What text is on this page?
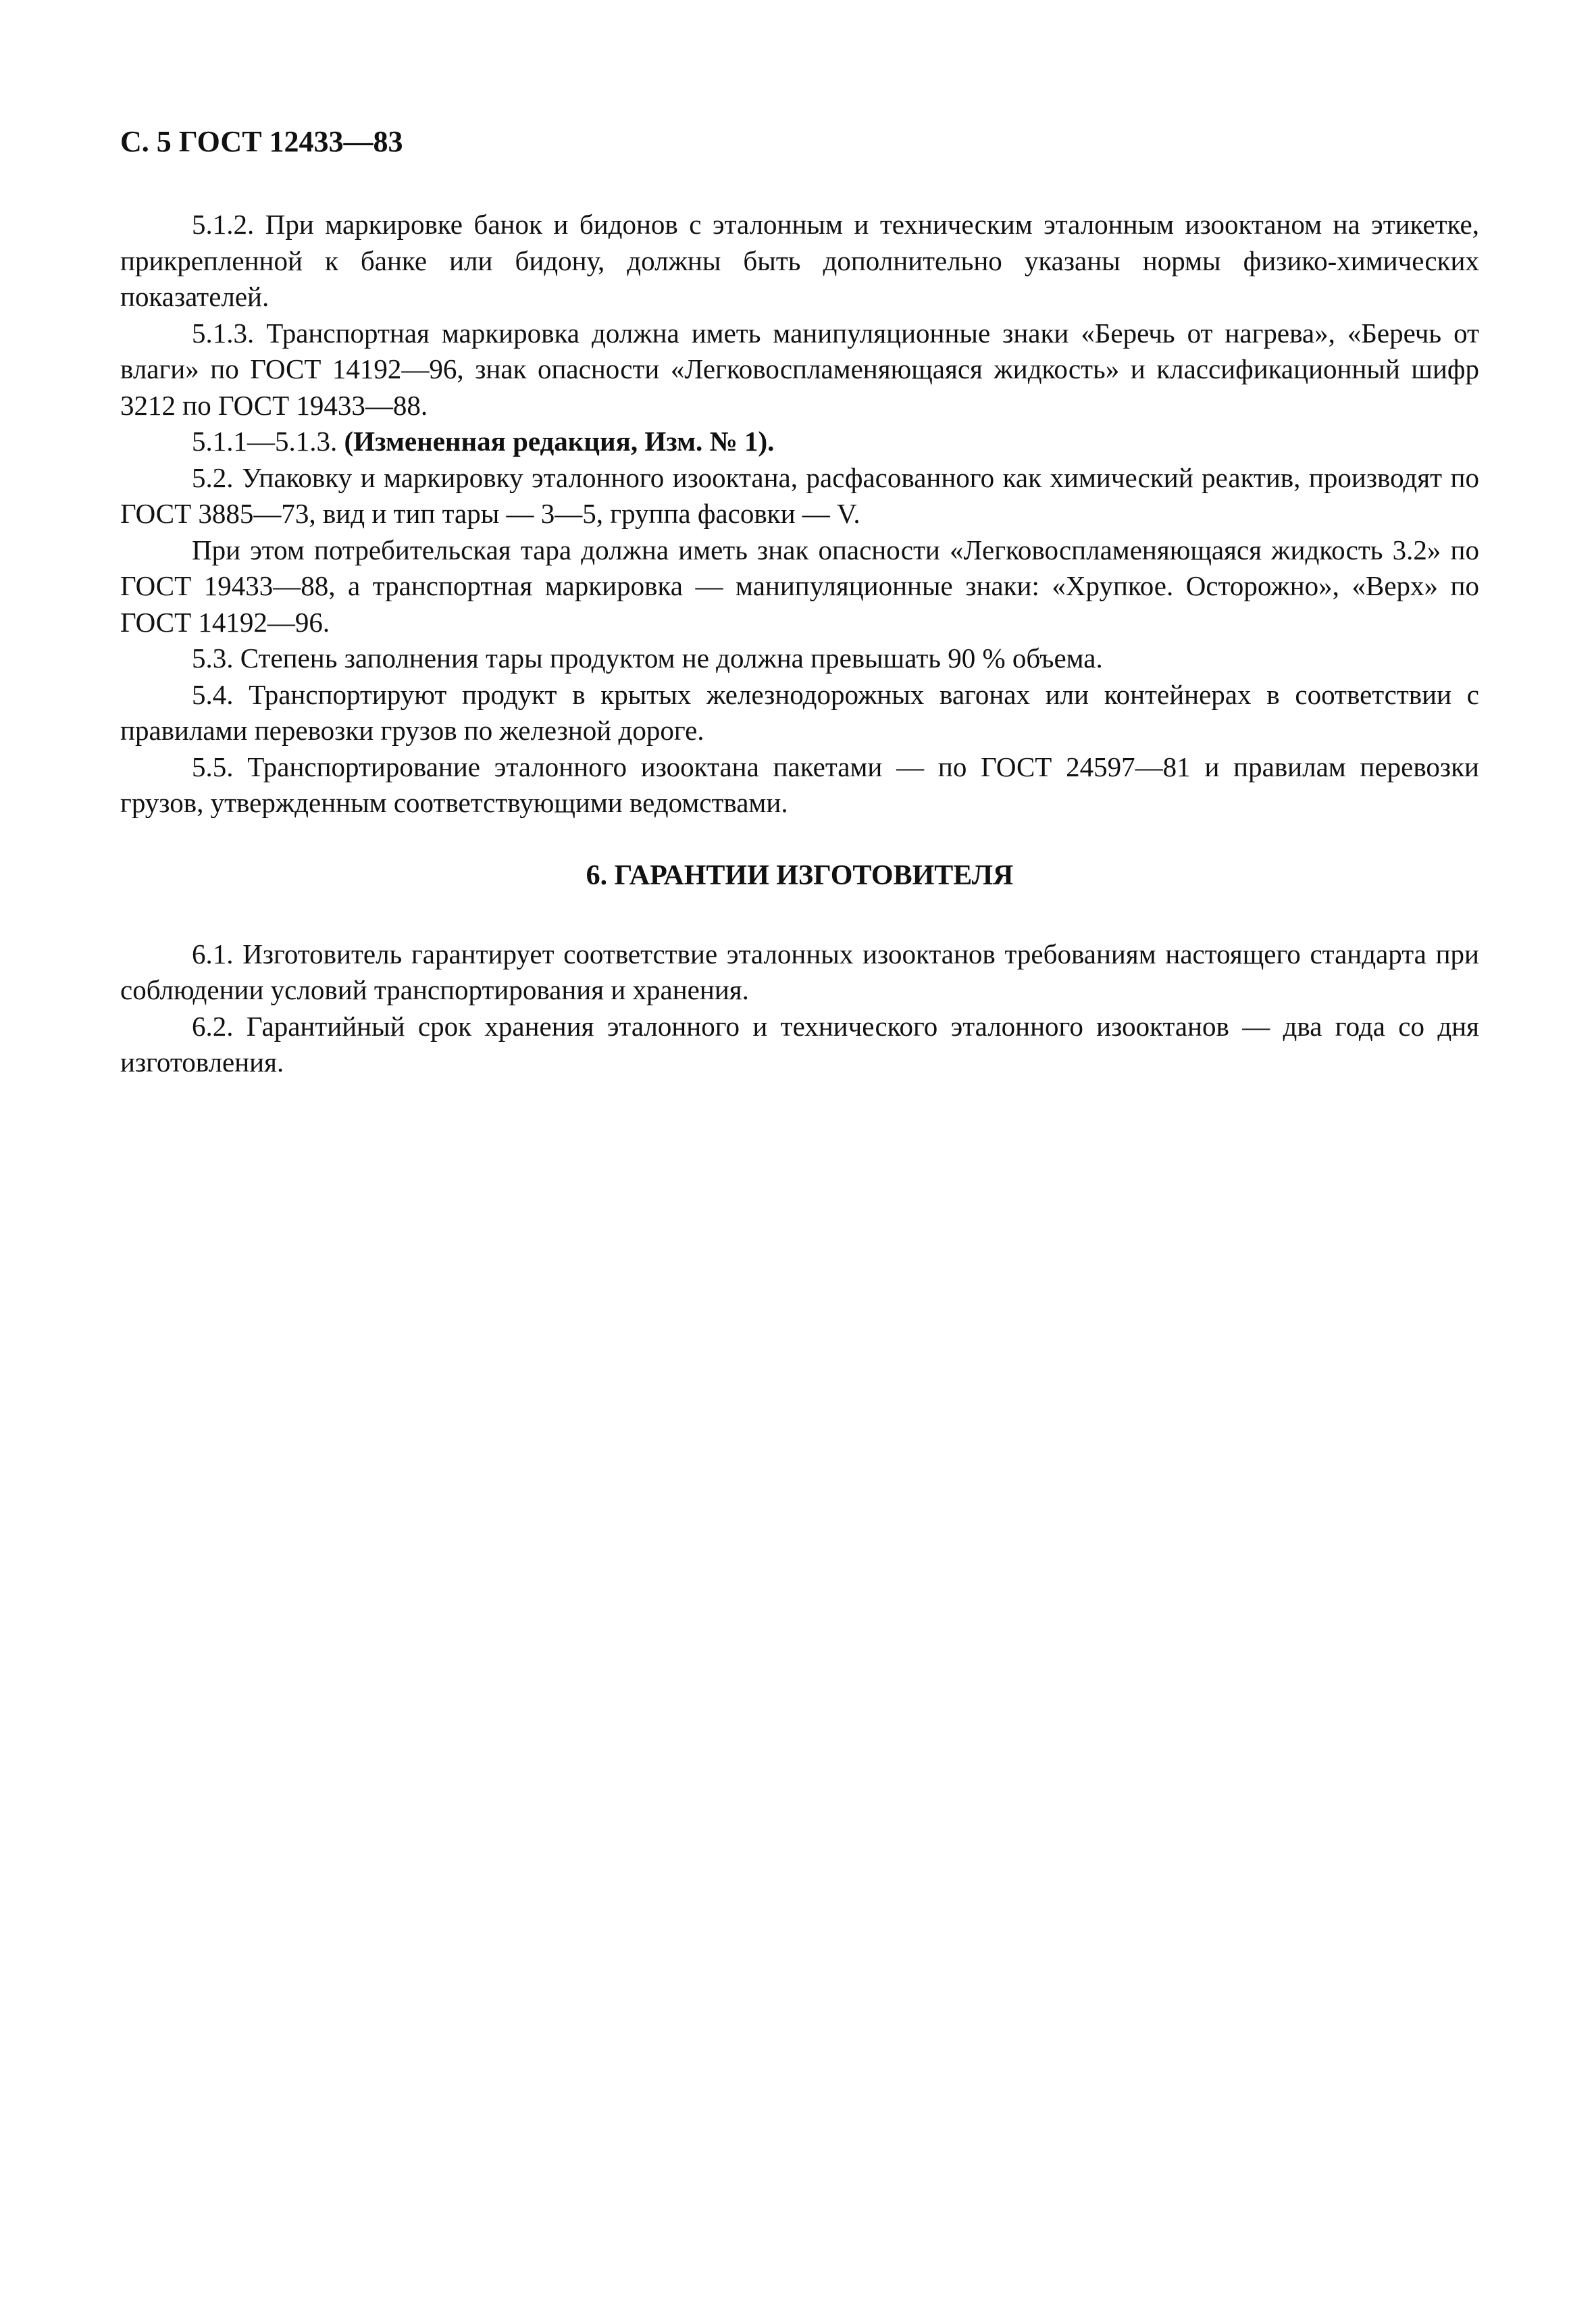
С. 5 ГОСТ 12433—83

5.1.2. При маркировке банок и бидонов с эталонным и техническим эталонным изооктаном на этикетке, прикрепленной к банке или бидону, должны быть дополнительно указаны нормы физико-химических показателей.

5.1.3. Транспортная маркировка должна иметь манипуляционные знаки «Беречь от нагрева», «Беречь от влаги» по ГОСТ 14192—96, знак опасности «Легковоспламеняющаяся жидкость» и классификационный шифр 3212 по ГОСТ 19433—88.

5.1.1—5.1.3. (Измененная редакция, Изм. № 1).

5.2. Упаковку и маркировку эталонного изооктана, расфасованного как химический реактив, производят по ГОСТ 3885—73, вид и тип тары — 3—5, группа фасовки — V.

При этом потребительская тара должна иметь знак опасности «Легковоспламеняющаяся жидкость 3.2» по ГОСТ 19433—88, а транспортная маркировка — манипуляционные знаки: «Хрупкое. Осторожно», «Верх» по ГОСТ 14192—96.

5.3. Степень заполнения тары продуктом не должна превышать 90 % объема.

5.4. Транспортируют продукт в крытых железнодорожных вагонах или контейнерах в соответствии с правилами перевозки грузов по железной дороге.

5.5. Транспортирование эталонного изооктана пакетами — по ГОСТ 24597—81 и правилам перевозки грузов, утвержденным соответствующими ведомствами.

6. ГАРАНТИИ ИЗГОТОВИТЕЛЯ

6.1. Изготовитель гарантирует соответствие эталонных изооктанов требованиям настоящего стандарта при соблюдении условий транспортирования и хранения.

6.2. Гарантийный срок хранения эталонного и технического эталонного изооктанов — два года со дня изготовления.
